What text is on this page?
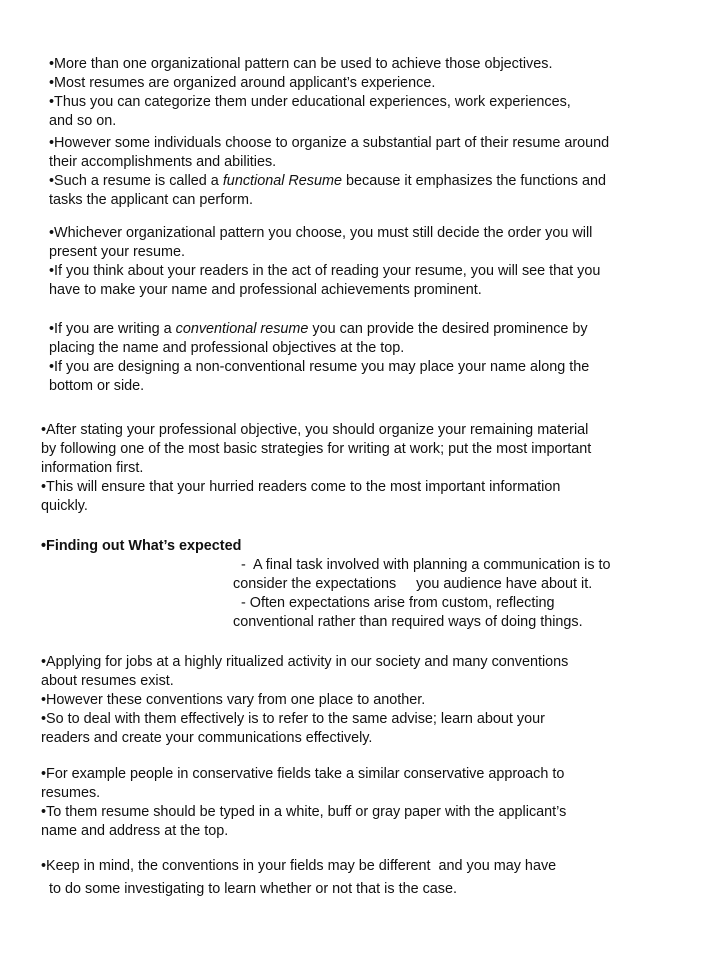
•More than one organizational pattern can be used to achieve those objectives.
•Most resumes are organized around applicant’s experience.
•Thus you can categorize them under educational experiences, work experiences,
and so on.
•However some individuals choose to organize a substantial part of their resume around
their accomplishments and abilities.
•Such a resume is called a functional Resume because it emphasizes the functions and
tasks the applicant can perform.
•Whichever organizational pattern you choose, you must still decide the order you will
present your resume.
•If you think about your readers in the act of reading your resume, you will see that you
have to make your name and professional achievements prominent.
•If you are writing a conventional resume you can provide the desired prominence by
placing the name and professional objectives at the top.
•If you are designing a non-conventional resume you may place your name along the
bottom or side.
•After stating your professional objective, you should organize your remaining material
by following one of the most basic strategies for writing at work; put the most important
information first.
•This will ensure that your hurried readers come to the most important information
quickly.
•Finding out What’s expected
-  A final task involved with planning a communication is to
consider the expectations     you audience have about it.
- Often expectations arise from custom, reflecting
conventional rather than required ways of doing things.
•Applying for jobs at a highly ritualized activity in our society and many conventions
about resumes exist.
•However these conventions vary from one place to another.
•So to deal with them effectively is to refer to the same advise; learn about your
readers and create your communications effectively.
•For example people in conservative fields take a similar conservative approach to
resumes.
•To them resume should be typed in a white, buff or gray paper with the applicant’s
name and address at the top.
•Keep in mind, the conventions in your fields may be different  and you may have
to do some investigating to learn whether or not that is the case.
